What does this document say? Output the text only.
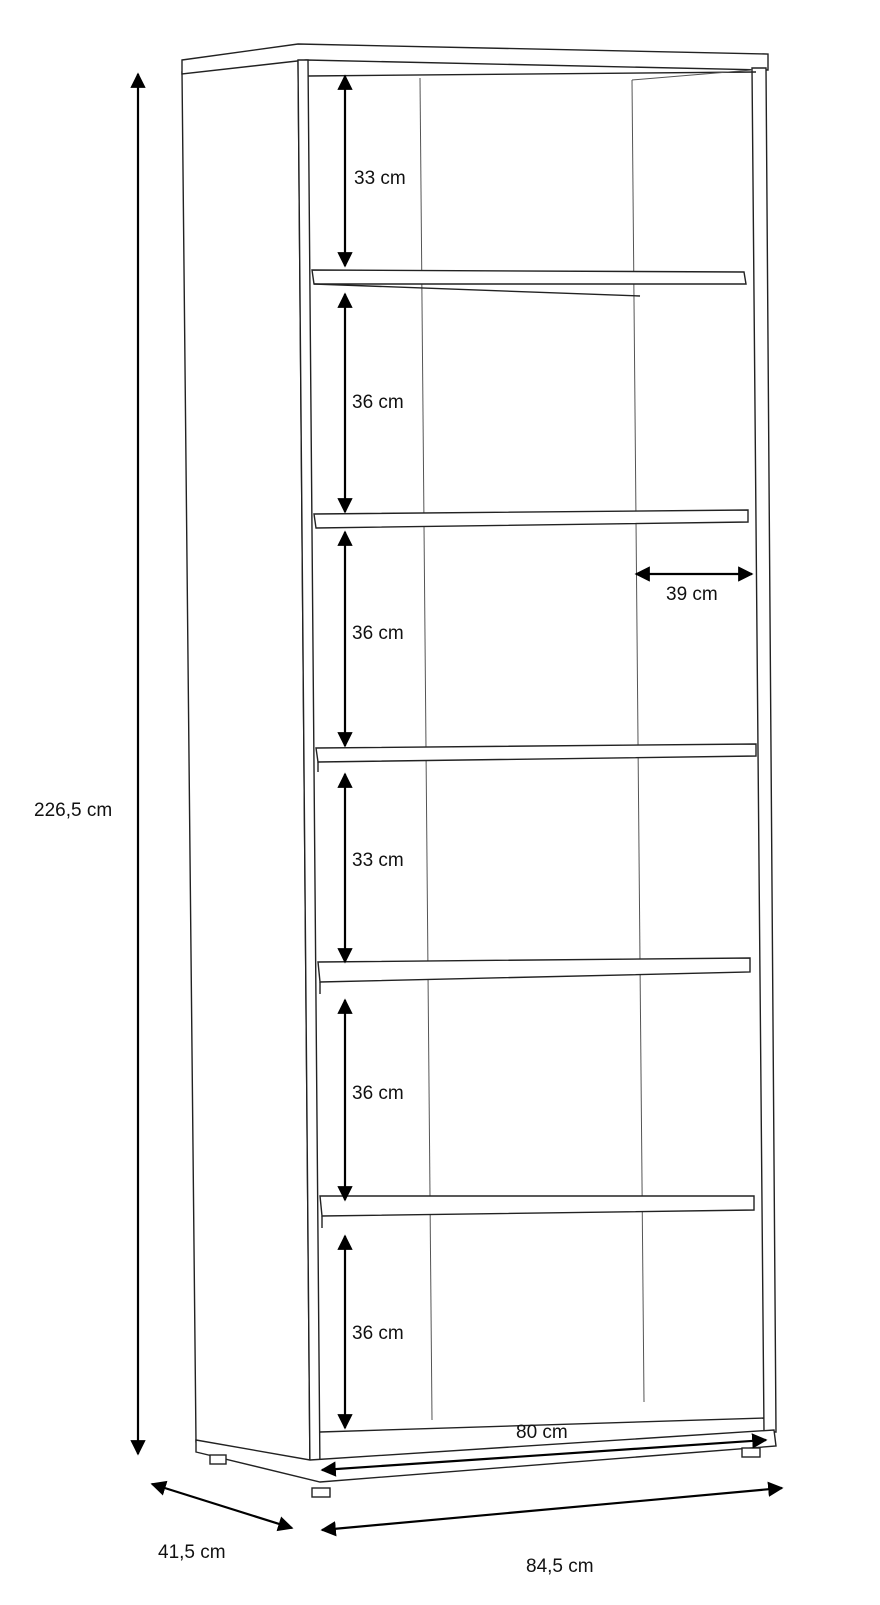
226,5 cm
33 cm
36 cm
36 cm
33 cm
36 cm
36 cm
39 cm
80 cm
41,5 cm
84,5 cm
